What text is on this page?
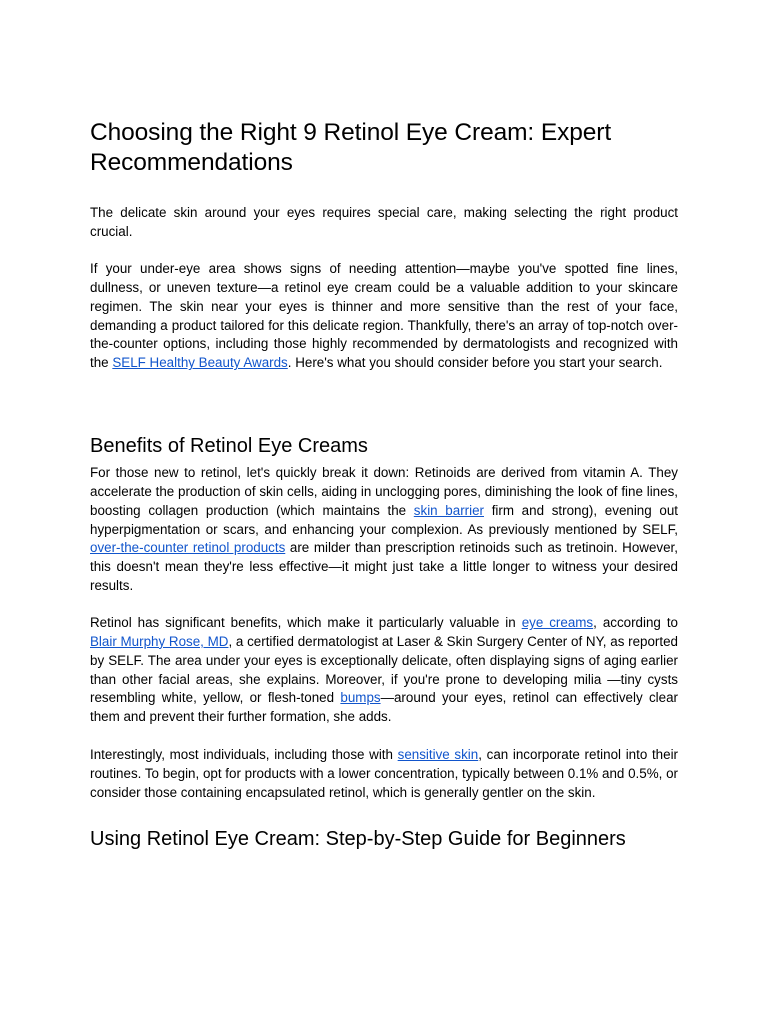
Choosing the Right 9 Retinol Eye Cream: Expert Recommendations

The delicate skin around your eyes requires special care, making selecting the right product crucial.

If your under-eye area shows signs of needing attention—maybe you've spotted fine lines, dullness, or uneven texture—a retinol eye cream could be a valuable addition to your skincare regimen. The skin near your eyes is thinner and more sensitive than the rest of your face, demanding a product tailored for this delicate region. Thankfully, there's an array of top-notch over-the-counter options, including those highly recommended by dermatologists and recognized with the SELF Healthy Beauty Awards. Here's what you should consider before you start your search.

Benefits of Retinol Eye Creams

For those new to retinol, let's quickly break it down: Retinoids are derived from vitamin A. They accelerate the production of skin cells, aiding in unclogging pores, diminishing the look of fine lines, boosting collagen production (which maintains the skin barrier firm and strong), evening out hyperpigmentation or scars, and enhancing your complexion. As previously mentioned by SELF, over-the-counter retinol products are milder than prescription retinoids such as tretinoin. However, this doesn't mean they're less effective—it might just take a little longer to witness your desired results.

Retinol has significant benefits, which make it particularly valuable in eye creams, according to Blair Murphy Rose, MD, a certified dermatologist at Laser & Skin Surgery Center of NY, as reported by SELF. The area under your eyes is exceptionally delicate, often displaying signs of aging earlier than other facial areas, she explains. Moreover, if you're prone to developing milia —tiny cysts resembling white, yellow, or flesh-toned bumps—around your eyes, retinol can effectively clear them and prevent their further formation, she adds.

Interestingly, most individuals, including those with sensitive skin, can incorporate retinol into their routines. To begin, opt for products with a lower concentration, typically between 0.1% and 0.5%, or consider those containing encapsulated retinol, which is generally gentler on the skin.

Using Retinol Eye Cream: Step-by-Step Guide for Beginners
